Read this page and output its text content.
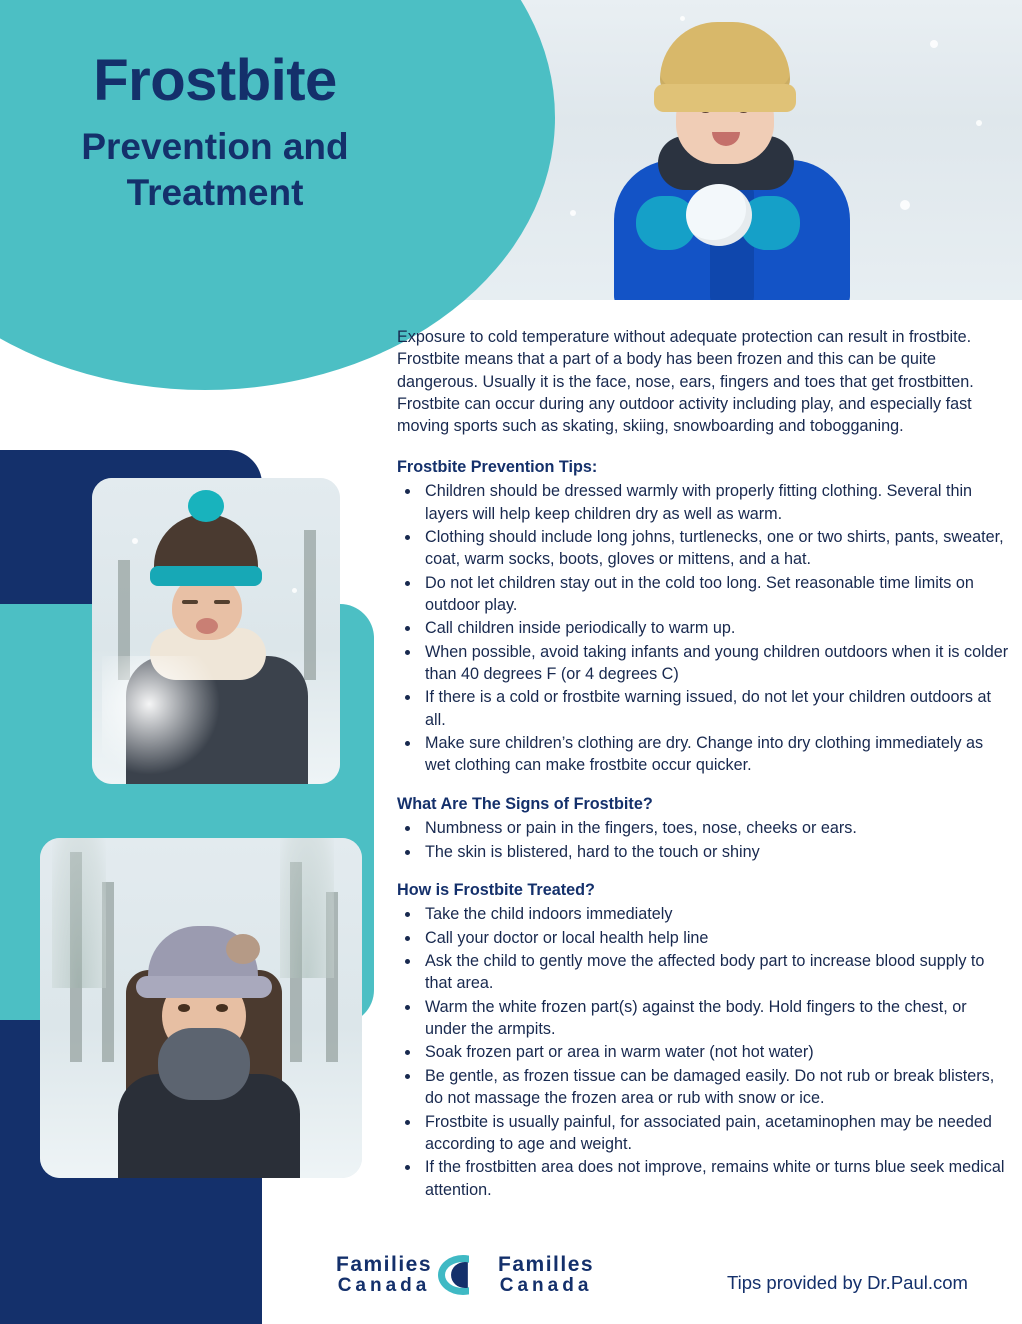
Frostbite
Prevention and Treatment

Exposure to cold temperature without adequate protection can result in frostbite. Frostbite means that a part of a body has been frozen and this can be quite dangerous. Usually it is the face, nose, ears, fingers and toes that get frostbitten. Frostbite can occur during any outdoor activity including play, and especially fast moving sports such as skating, skiing, snowboarding and tobogganing.

Frostbite Prevention Tips:
• Children should be dressed warmly with properly fitting clothing. Several thin layers will help keep children dry as well as warm.
• Clothing should include long johns, turtlenecks, one or two shirts, pants, sweater, coat, warm socks, boots, gloves or mittens, and a hat.
• Do not let children stay out in the cold too long. Set reasonable time limits on outdoor play.
• Call children inside periodically to warm up.
• When possible, avoid taking infants and young children outdoors when it is colder than 40 degrees F (or 4 degrees C)
• If there is a cold or frostbite warning issued, do not let your children outdoors at all.
• Make sure children’s clothing are dry. Change into dry clothing immediately as wet clothing can make frostbite occur quicker.
What Are The Signs of Frostbite?
• Numbness or pain in the fingers, toes, nose, cheeks or ears.
• The skin is blistered, hard to the touch or shiny
How is Frostbite Treated?
• Take the child indoors immediately
• Call your doctor or local health help line
• Ask the child to gently move the affected body part to increase blood supply to that area.
• Warm the white frozen part(s) against the body. Hold fingers to the chest, or under the armpits.
• Soak frozen part or area in warm water (not hot water)
• Be gentle, as frozen tissue can be damaged easily. Do not rub or break blisters, do not massage the frozen area or rub with snow or ice.
• Frostbite is usually painful, for associated pain, acetaminophen may be needed according to age and weight.
• If the frostbitten area does not improve, remains white or turns blue seek medical attention.
Families
Canada
Familles
Canada	Tips provided by Dr.Paul.com
